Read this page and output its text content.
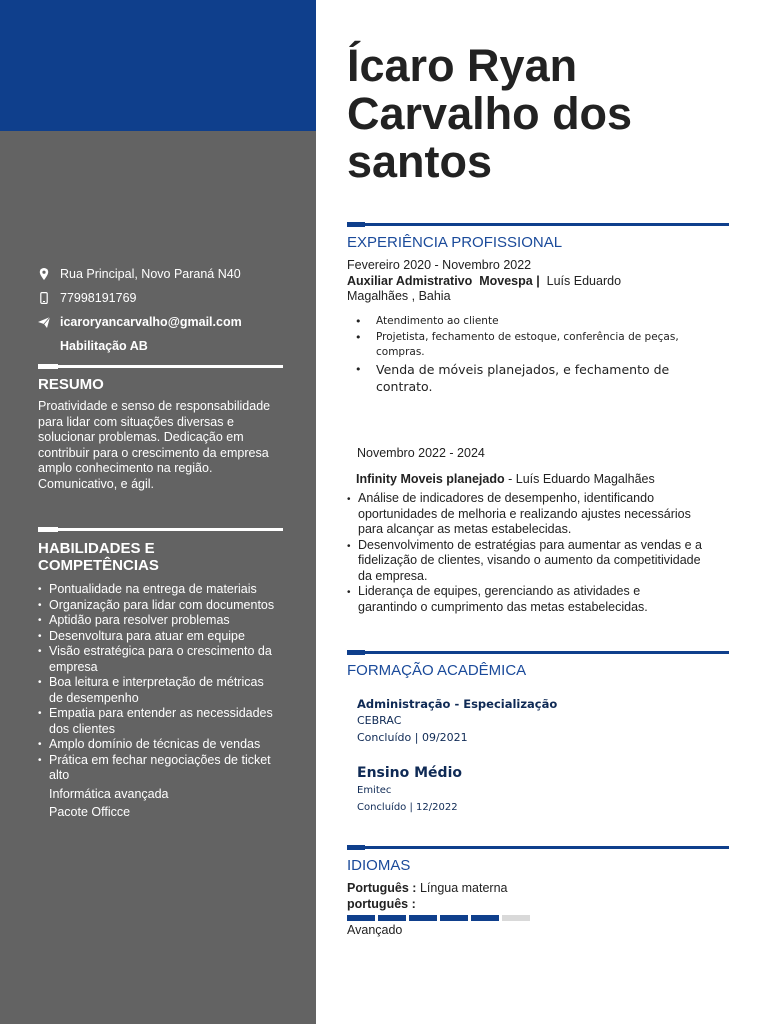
Rua Principal, Novo Paraná N40
77998191769
icaroryancarvalho@gmail.com
Habilitação AB
RESUMO
Proatividade e senso de responsabilidade
para lidar com situações diversas e
solucionar problemas. Dedicação em
contribuir para o crescimento da empresa
amplo conhecimento na região.
Comunicativo, e ágil.
HABILIDADES E
COMPETÊNCIAS
• Pontualidade na entrega de materiais
• Organização para lidar com documentos
• Aptidão para resolver problemas
• Desenvoltura para atuar em equipe
• Visão estratégica para o crescimento da
empresa
• Boa leitura e interpretação de métricas
de desempenho
• Empatia para entender as necessidades
dos clientes
• Amplo domínio de técnicas de vendas
• Prática em fechar negociações de ticket
alto
Informática avançada
Pacote Officce
Ícaro Ryan
Carvalho dos
santos
EXPERIÊNCIA PROFISSIONAL
Fevereiro 2020 - Novembro 2022
Auxiliar Admistrativo Movespa | Luís Eduardo
Magalhães , Bahia
• Atendimento ao cliente
• Projetista, fechamento de estoque, conferência de peças,
compras.
• Venda de móveis planejados, e fechamento de
contrato.
Novembro 2022 - 2024
Infinity Moveis planejado - Luís Eduardo Magalhães
• Análise de indicadores de desempenho, identificando
oportunidades de melhoria e realizando ajustes necessários
para alcançar as metas estabelecidas.
• Desenvolvimento de estratégias para aumentar as vendas e a
fidelização de clientes, visando o aumento da competitividade
da empresa.
• Liderança de equipes, gerenciando as atividades e
garantindo o cumprimento das metas estabelecidas.
FORMAÇÃO ACADÊMICA
Administração - Especialização
CEBRAC
Concluído | 09/2021
Ensino Médio
Emitec
Concluído | 12/2022
IDIOMAS
Português : Língua materna
português :
Avançado
